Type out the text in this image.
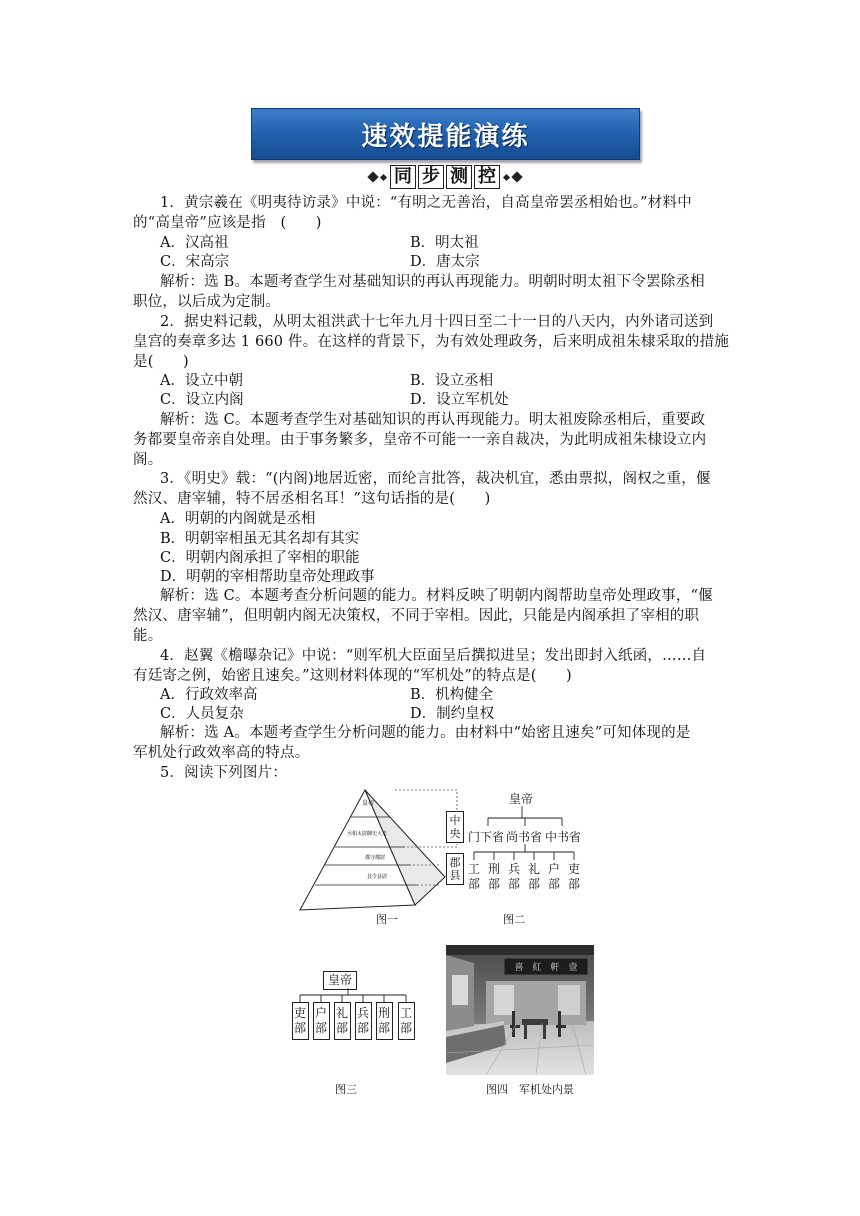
速效提能演练
同 步 测 控
1．黄宗羲在《明夷待访录》中说：“有明之无善治，自高皇帝罢丞相始也。”材料中
的“高皇帝”应该是指　(　　)
A．汉高祖	B．明太祖
C．宋高宗	D．唐太宗
解析：选 B。本题考查学生对基础知识的再认再现能力。明朝时明太祖下令罢除丞相
职位，以后成为定制。
2．据史料记载，从明太祖洪武十七年九月十四日至二十一日的八天内，内外诸司送到
皇宫的奏章多达 1 660 件。在这样的背景下，为有效处理政务，后来明成祖朱棣采取的措施
是(　　)
A．设立中朝	B．设立丞相
C．设立内阁	D．设立军机处
解析：选 C。本题考查学生对基础知识的再认再现能力。明太祖废除丞相后，重要政
务都要皇帝亲自处理。由于事务繁多，皇帝不可能一一亲自裁决，为此明成祖朱棣设立内
阁。
3．《明史》载：“(内阁)地居近密，而纶言批答，裁决机宜，悉由票拟，阁权之重，偃
然汉、唐宰辅，特不居丞相名耳！”这句话指的是(　　)
A．明朝的内阁就是丞相
B．明朝宰相虽无其名却有其实
C．明朝内阁承担了宰相的职能
D．明朝的宰相帮助皇帝处理政事
解析：选 C。本题考查分析问题的能力。材料反映了明朝内阁帮助皇帝处理政事，“偃
然汉、唐宰辅”，但明朝内阁无决策权，不同于宰相。因此，只能是内阁承担了宰相的职
能。
4．赵翼《檐曝杂记》中说：“则军机大臣面呈后撰拟进呈；发出即封入纸函，……自
有廷寄之例，始密且速矣。”这则材料体现的“军机处”的特点是(　　)
A．行政效率高	B．机构健全
C．人员复杂	D．制约皇权
解析：选 A。本题考查学生分析问题的能力。由材料中“始密且速矣”可知体现的是
军机处行政效率高的特点。
5．阅读下列图片：
皇帝
丞相太尉御史大夫
郡守郡尉
县令县尉
中央
郡县
图一
皇帝
门下省 尚书省 中书省
工部
刑部
兵部
礼部
户部
吏部
图二
皇帝
吏部
户部
礼部
兵部
刑部
工部
图三
喜　紅　軒　壹
图四　军机处内景
